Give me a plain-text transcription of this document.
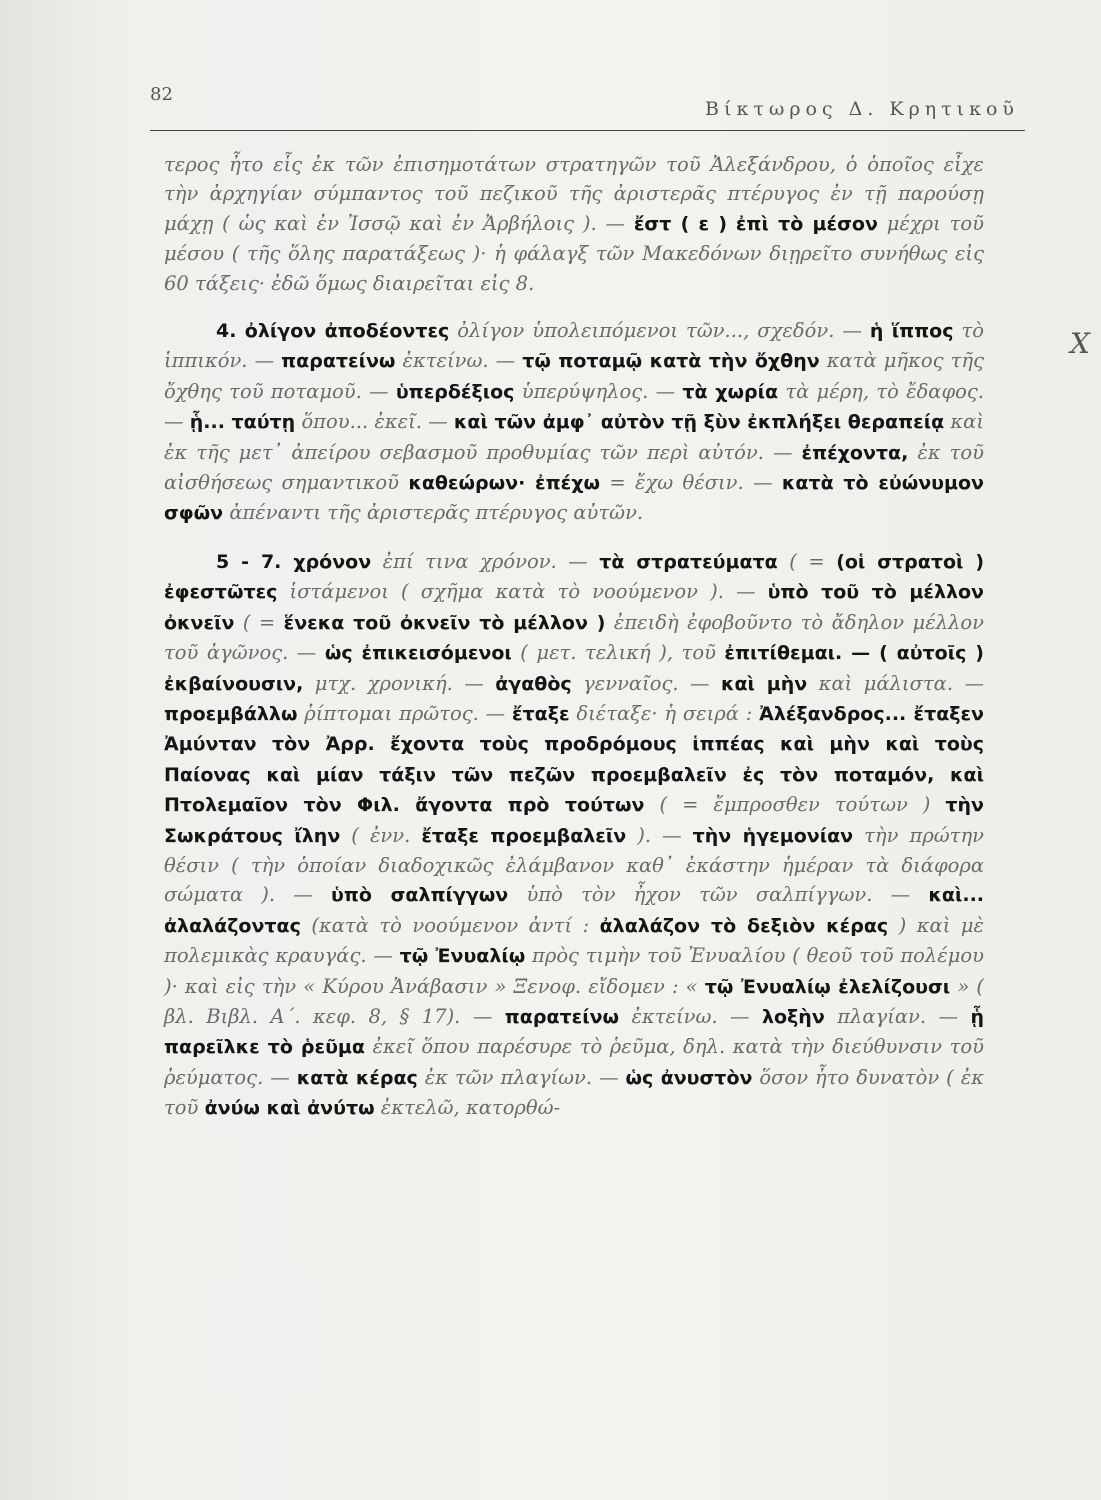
82
Βίκτωρος Δ. Κρητικοῦ

τερος ἦτο εἷς ἐκ τῶν ἐπισημοτάτων στρατηγῶν τοῦ Ἀλεξάνδρου, ὁ ὁποῖος εἶχε τὴν ἀρχηγίαν σύμπαντος τοῦ πεζικοῦ τῆς ἀριστερᾶς πτέρυγος ἐν τῇ παρούσῃ μάχῃ ( ὡς καὶ ἐν Ἰσσῷ καὶ ἐν Ἀρβήλοις ). — ἔστ ( ε ) ἐπὶ τὸ μέσον μέχρι τοῦ μέσου ( τῆς ὅλης παρατάξεως )· ἡ φάλαγξ τῶν Μακεδόνων διῃρεῖτο συνήθως εἰς 60 τάξεις· ἐδῶ ὅμως διαιρεῖται εἰς 8.

4. ὀλίγον ἀποδέοντες ὀλίγον ὑπολειπόμενοι τῶν..., σχεδόν. — ἡ ἵππος τὸ ἱππικόν. — παρατείνω ἐκτείνω. — τῷ ποταμῷ κατὰ τὴν ὄχθην κατὰ μῆκος τῆς ὄχθης τοῦ ποταμοῦ. — ὑπερδέξιος ὑπερύψηλος. — τὰ χωρία τὰ μέρη, τὸ ἔδαφος. — ᾗ... ταύτῃ ὅπου... ἐκεῖ. — καὶ τῶν ἀμφ᾿ αὐτὸν τῇ ξὺν ἐκπλήξει θεραπείᾳ καὶ ἐκ τῆς μετ᾿ ἀπείρου σεβασμοῦ προθυμίας τῶν περὶ αὐτόν. — ἐπέχοντα, ἐκ τοῦ αἰσθήσεως σημαντικοῦ καθεώρων· ἐπέχω = ἔχω θέσιν. — κατὰ τὸ εὐώνυμον σφῶν ἀπέναντι τῆς ἀριστερᾶς πτέρυγος αὐτῶν.

5 - 7. χρόνον ἐπί τινα χρόνον. — τὰ στρατεύματα ( = (οἱ στρατοὶ ) ἐφεστῶτες ἱστάμενοι ( σχῆμα κατὰ τὸ νοούμενον ). — ὑπὸ τοῦ τὸ μέλλον ὀκνεῖν ( = ἕνεκα τοῦ ὀκνεῖν τὸ μέλλον ) ἐπειδὴ ἐφοβοῦντο τὸ ἄδηλον μέλλον τοῦ ἀγῶνος. — ὡς ἐπικεισόμενοι ( μετ. τελική ), τοῦ ἐπιτίθεμαι. — ( αὐτοῖς ) ἐκβαίνουσιν, μτχ. χρονική. — ἀγαθὸς γενναῖος. — καὶ μὴν καὶ μάλιστα. — προεμβάλλω ῥίπτομαι πρῶτος. — ἔταξε διέταξε· ἡ σειρά : Ἀλέξανδρος... ἔταξεν Ἀμύνταν τὸν Ἀρρ. ἔχοντα τοὺς προδρόμους ἱππέας καὶ μὴν καὶ τοὺς Παίονας καὶ μίαν τάξιν τῶν πεζῶν προεμβαλεῖν ἐς τὸν ποταμόν, καὶ Πτολεμαῖον τὸν Φιλ. ἄγοντα πρὸ τούτων ( = ἔμπροσθεν τούτων ) τὴν Σωκράτους ἴλην ( ἐνν. ἔταξε προεμβαλεῖν ). — τὴν ἡγεμονίαν τὴν πρώτην θέσιν ( τὴν ὁποίαν διαδοχικῶς ἐλάμβανον καθ᾿ ἑκάστην ἡμέραν τὰ διάφορα σώματα ). — ὑπὸ σαλπίγγων ὑπὸ τὸν ἦχον τῶν σαλπίγγων. — καὶ... ἀλαλάζοντας (κατὰ τὸ νοούμενον ἀντί : ἀλαλάζον τὸ δεξιὸν κέρας ) καὶ μὲ πολεμικὰς κραυγάς. — τῷ Ἐνυαλίῳ πρὸς τιμὴν τοῦ Ἐνυαλίου ( θεοῦ τοῦ πολέμου )· καὶ εἰς τὴν « Κύρου Ἀνάβασιν » Ξενοφ. εἴδομεν : « τῷ Ἐνυαλίῳ ἐλελίζουσι » ( βλ. Βιβλ. Α΄. κεφ. 8, § 17). — παρατείνω ἐκτείνω. — λοξὴν πλαγίαν. — ᾗ παρεῖλκε τὸ ῥεῦμα ἐκεῖ ὅπου παρέσυρε τὸ ῥεῦμα, δηλ. κατὰ τὴν διεύθυνσιν τοῦ ῥεύματος. — κατὰ κέρας ἐκ τῶν πλαγίων. — ὡς ἀνυστὸν ὅσον ἦτο δυνατὸν ( ἐκ τοῦ ἀνύω καὶ ἀνύτω ἐκτελῶ, κατορθώ-

Χ
